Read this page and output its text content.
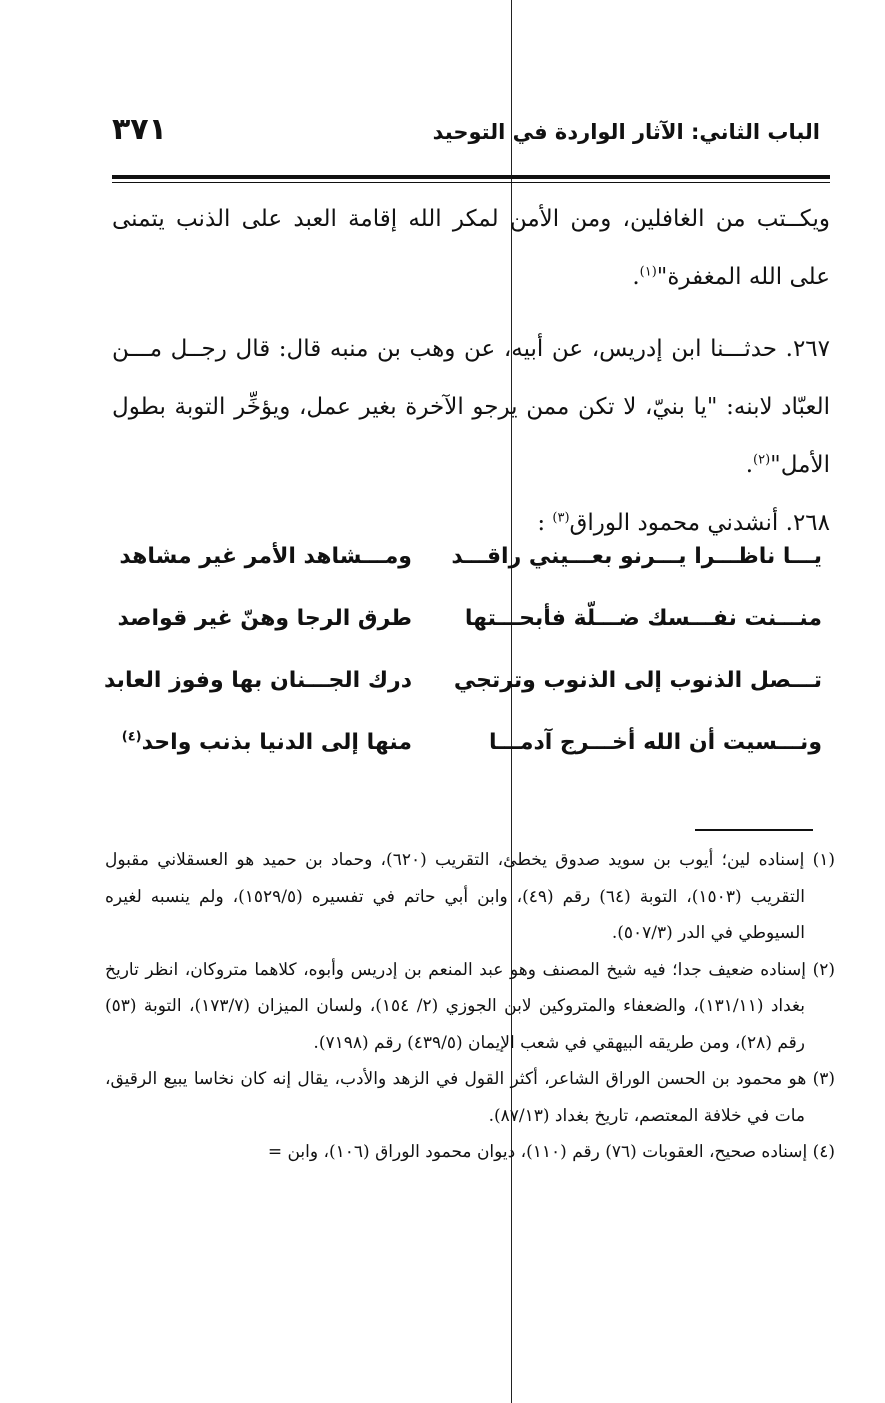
٣٧١	الباب الثاني: الآثار الواردة في التوحيد

ويكــتب من الغافلين، ومن الأمن لمكر الله إقامة العبد على الذنب يتمنى على الله المغفرة"$^{(١)}$.

٢٦٧. حدثـــنا ابن إدريس، عن أبيه، عن وهب بن منبه قال: قال رجــل مـــن العبّاد لابنه: "يا بنيّ، لا تكن ممن يرجو الآخرة بغير عمل، ويؤخِّر التوبة بطول الأمل"$^{(٢)}$.

٢٦٨. أنشدني محمود الوراق$^{(٣)}$ :

يـــا ناظـــرا يـــرنو بعـــيني راقـــد
ومـــشاهد الأمر غير مشاهد
منـــنت نفـــسك ضـــلّة فأبحـــتها
طرق الرجا وهنّ غير قواصد
تـــصل الذنوب إلى الذنوب وترتجي
درك الجـــنان بها وفوز العابد
ونـــسيت أن الله أخـــرج آدمـــا
منها إلى الدنيا بذنب واحد$^{(٤)}$

(١) إسناده لين؛ أيوب بن سويد صدوق يخطئ، التقريب (٦٢٠)، وحماد بن حميد هو العسقلاني مقبول التقريب (١٥٠٣)، التوبة (٦٤) رقم (٤٩)، وابن أبي حاتم في تفسيره (١٥٢٩/٥)، ولم ينسبه لغيره السيوطي في الدر (٥٠٧/٣).

(٢) إسناده ضعيف جدا؛ فيه شيخ المصنف وهو عبد المنعم بن إدريس وأبوه، كلاهما متروكان، انظر تاريخ بغداد (١٣١/١١)، والضعفاء والمتروكين لابن الجوزي (٢/ ١٥٤)، ولسان الميزان (١٧٣/٧)، التوبة (٥٣) رقم (٢٨)، ومن طريقه البيهقي في شعب الإيمان (٤٣٩/٥) رقم (٧١٩٨).

(٣) هو محمود بن الحسن الوراق الشاعر، أكثر القول في الزهد والأدب، يقال إنه كان نخاسا يبيع الرقيق، مات في خلافة المعتصم، تاريخ بغداد (٨٧/١٣).

(٤) إسناده صحيح، العقوبات (٧٦) رقم (١١٠)، ديوان محمود الوراق (١٠٦)، وابن =
